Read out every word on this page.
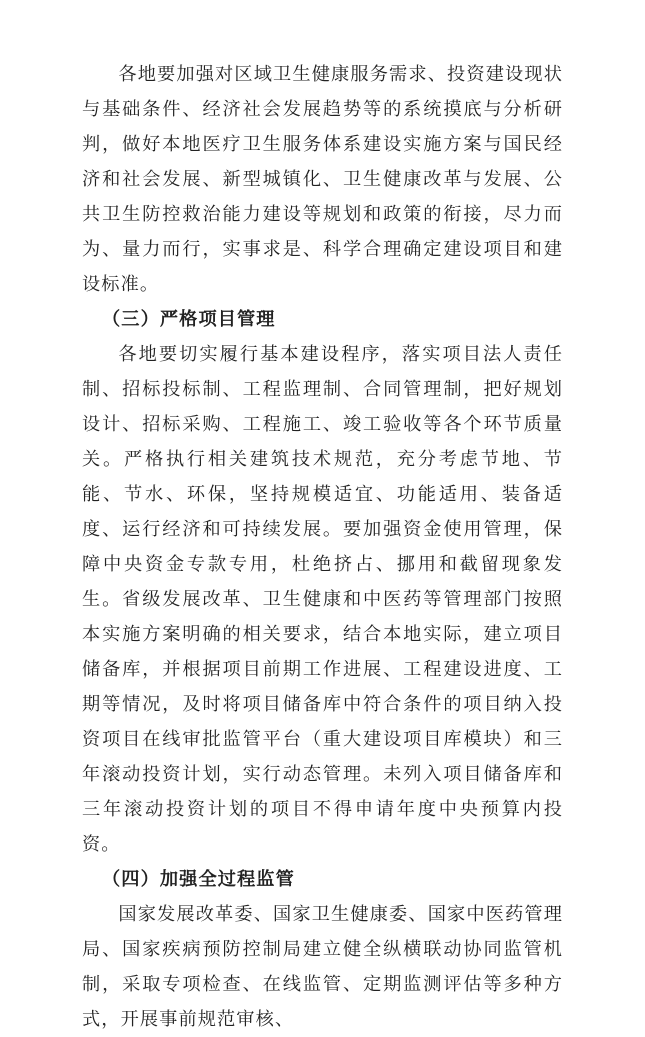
各地要加强对区域卫生健康服务需求、投资建设现状与基础条件、经济社会发展趋势等的系统摸底与分析研判，做好本地医疗卫生服务体系建设实施方案与国民经济和社会发展、新型城镇化、卫生健康改革与发展、公共卫生防控救治能力建设等规划和政策的衔接，尽力而为、量力而行，实事求是、科学合理确定建设项目和建设标准。

（三）严格项目管理

各地要切实履行基本建设程序，落实项目法人责任制、招标投标制、工程监理制、合同管理制，把好规划设计、招标采购、工程施工、竣工验收等各个环节质量关。严格执行相关建筑技术规范，充分考虑节地、节能、节水、环保，坚持规模适宜、功能适用、装备适度、运行经济和可持续发展。要加强资金使用管理，保障中央资金专款专用，杜绝挤占、挪用和截留现象发生。省级发展改革、卫生健康和中医药等管理部门按照本实施方案明确的相关要求，结合本地实际，建立项目储备库，并根据项目前期工作进展、工程建设进度、工期等情况，及时将项目储备库中符合条件的项目纳入投资项目在线审批监管平台（重大建设项目库模块）和三年滚动投资计划，实行动态管理。未列入项目储备库和三年滚动投资计划的项目不得申请年度中央预算内投资。

（四）加强全过程监管

国家发展改革委、国家卫生健康委、国家中医药管理局、国家疾病预防控制局建立健全纵横联动协同监管机制，采取专项检查、在线监管、定期监测评估等多种方式，开展事前规范审核、
